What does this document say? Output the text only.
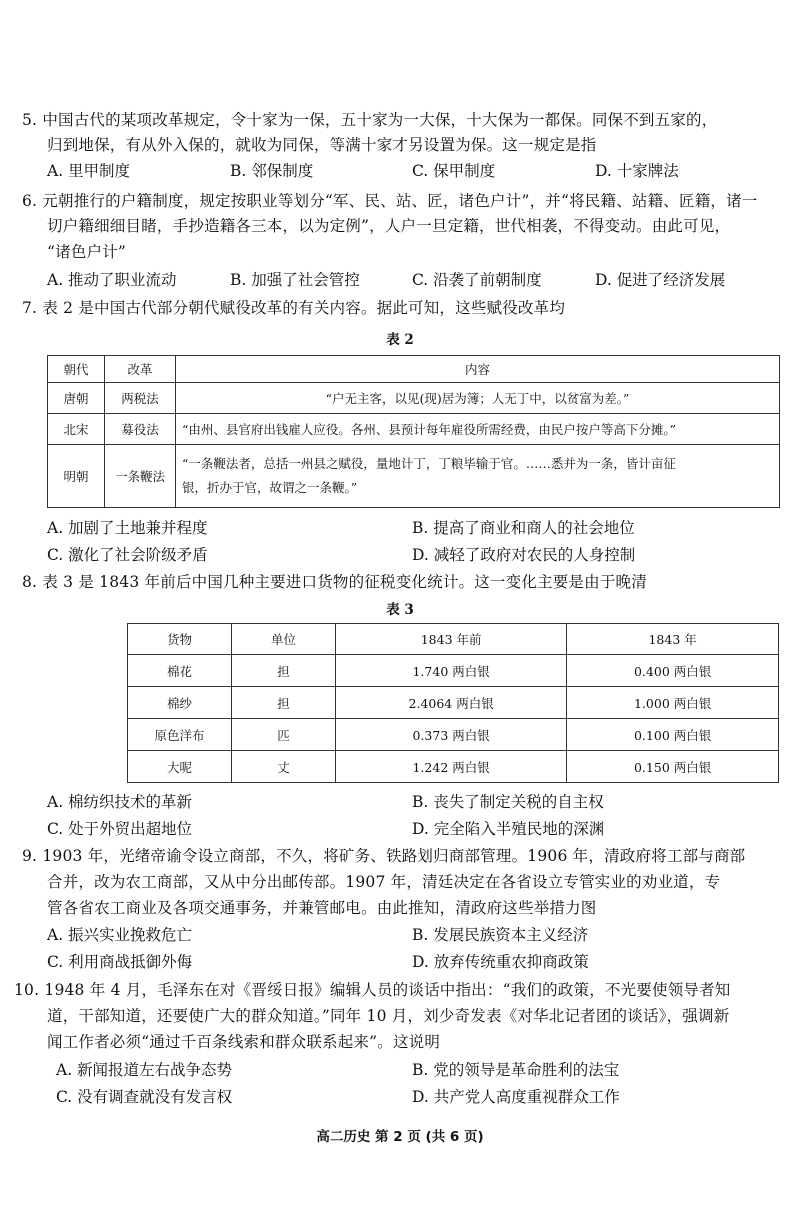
5. 中国古代的某项改革规定，令十家为一保，五十家为一大保，十大保为一都保。同保不到五家的，
归到地保，有从外入保的，就收为同保，等满十家才另设置为保。这一规定是指
A. 里甲制度	B. 邻保制度	C. 保甲制度	D. 十家牌法
6. 元朝推行的户籍制度，规定按职业等划分“军、民、站、匠，诸色户计”，并“将民籍、站籍、匠籍，诸一
切户籍细细目睹，手抄造籍各三本，以为定例”，人户一旦定籍，世代相袭，不得变动。由此可见，
“诸色户计”
A. 推动了职业流动	B. 加强了社会管控	C. 沿袭了前朝制度	D. 促进了经济发展
7. 表 2 是中国古代部分朝代赋役改革的有关内容。据此可知，这些赋役改革均
表 2
朝代	改革	内容
唐朝	两税法	“户无主客，以见(现)居为簿；人无丁中，以贫富为差。”
北宋	募役法	“由州、县官府出钱雇人应役。各州、县预计每年雇役所需经费，由民户按户等高下分摊。”
明朝	一条鞭法	“一条鞭法者，总括一州县之赋役，量地计丁，丁粮毕输于官。……悉并为一条，皆计亩征
银，折办于官，故谓之一条鞭。”
A. 加剧了土地兼并程度	B. 提高了商业和商人的社会地位
C. 激化了社会阶级矛盾	D. 减轻了政府对农民的人身控制
8. 表 3 是 1843 年前后中国几种主要进口货物的征税变化统计。这一变化主要是由于晚清
表 3
货物	单位	1843 年前	1843 年
棉花	担	1.740 两白银	0.400 两白银
棉纱	担	2.4064 两白银	1.000 两白银
原色洋布	匹	0.373 两白银	0.100 两白银
大呢	丈	1.242 两白银	0.150 两白银
A. 棉纺织技术的革新	B. 丧失了制定关税的自主权
C. 处于外贸出超地位	D. 完全陷入半殖民地的深渊
9. 1903 年，光绪帝谕令设立商部，不久，将矿务、铁路划归商部管理。1906 年，清政府将工部与商部
合并，改为农工商部，又从中分出邮传部。1907 年，清廷决定在各省设立专管实业的劝业道，专
管各省农工商业及各项交通事务，并兼管邮电。由此推知，清政府这些举措力图
A. 振兴实业挽救危亡	B. 发展民族资本主义经济
C. 利用商战抵御外侮	D. 放弃传统重农抑商政策
10. 1948 年 4 月，毛泽东在对《晋绥日报》编辑人员的谈话中指出：“我们的政策，不光要使领导者知
道，干部知道，还要使广大的群众知道。”同年 10 月，刘少奇发表《对华北记者团的谈话》，强调新
闻工作者必须“通过千百条线索和群众联系起来”。这说明
A. 新闻报道左右战争态势	B. 党的领导是革命胜利的法宝
C. 没有调查就没有发言权	D. 共产党人高度重视群众工作
高二历史 第 2 页 (共 6 页)
